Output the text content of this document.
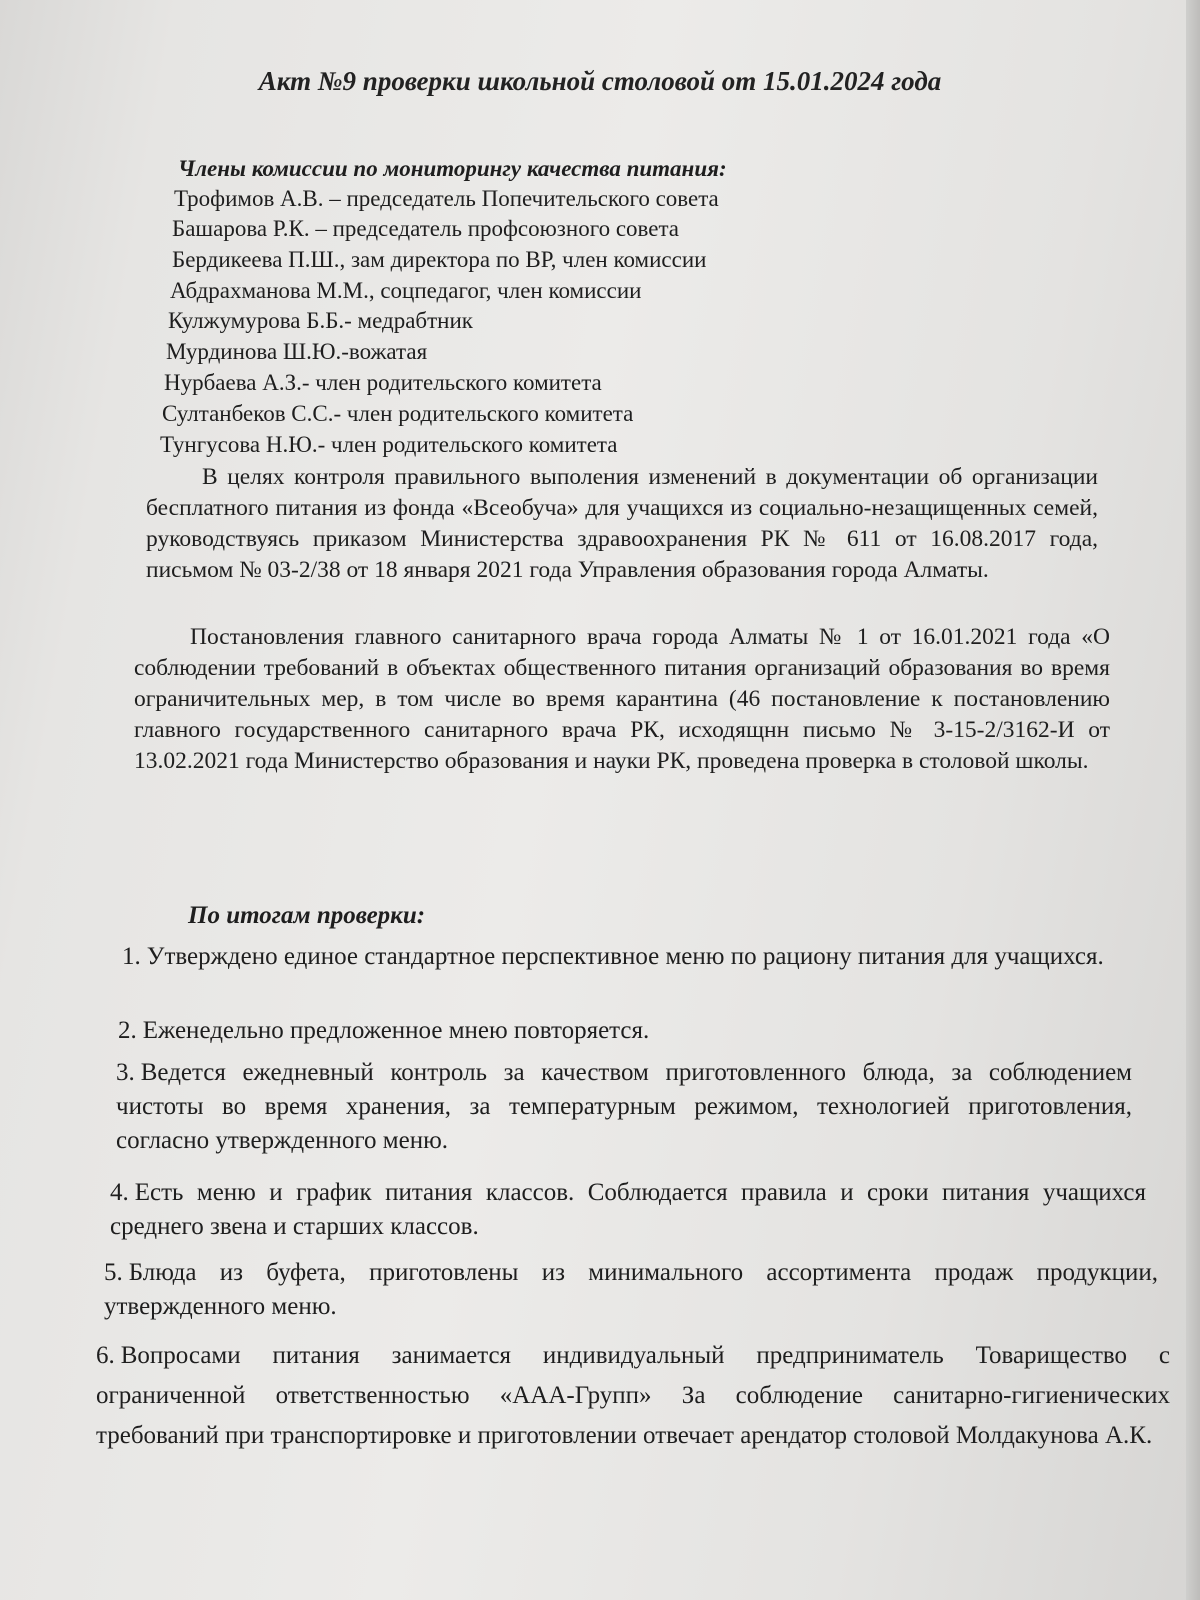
Акт №9 проверки школьной столовой от 15.01.2024 года
Члены комиссии по мониторингу качества питания:
Трофимов А.В. – председатель Попечительского совета
Башарова Р.К. – председатель профсоюзного совета
Бердикеева П.Ш., зам директора по ВР, член комиссии
Абдрахманова М.М., соцпедагог, член комиссии
Кулжумурова Б.Б.- медрабтник
Мурдинова Ш.Ю.-вожатая
Нурбаева А.З.- член родительского комитета
Султанбеков С.С.- член родительского комитета
Тунгусова Н.Ю.- член родительского комитета
В целях контроля правильного выполения изменений в документации об организации бесплатного питания из фонда «Всеобуча» для учащихся из социально-незащищенных семей, руководствуясь приказом Министерства здравоохранения РК № 611 от 16.08.2017 года, письмом № 03-2/38 от 18 января 2021 года Управления образования города Алматы.
Постановления главного санитарного врача города Алматы № 1 от 16.01.2021 года «О соблюдении требований в объектах общественного питания организаций образования во время ограничительных мер, в том числе во время карантина (46 постановление к постановлению главного государственного санитарного врача РК, исходящнн письмо № 3-15-2/3162-И от 13.02.2021 года Министерство образования и науки РК, проведена проверка в столовой школы.
По итогам проверки:
1. Утверждено единое стандартное перспективное меню по рациону питания для учащихся.
2. Еженедельно предложенное мнею повторяется.
3. Ведется ежедневный контроль за качеством приготовленного блюда, за соблюдением чистоты во время хранения, за температурным режимом, технологией приготовления, согласно утвержденного меню.
4. Есть меню и график питания классов. Соблюдается правила и сроки питания учащихся среднего звена и старших классов.
5. Блюда из буфета, приготовлены из минимального ассортимента продаж продукции, утвержденного меню.
6. Вопросами питания занимается индивидуальный предприниматель Товарищество с ограниченной ответственностью «ААА-Групп» За соблюдение санитарно-гигиенических требований при транспортировке и приготовлении отвечает арендатор столовой Молдакунова А.К.
